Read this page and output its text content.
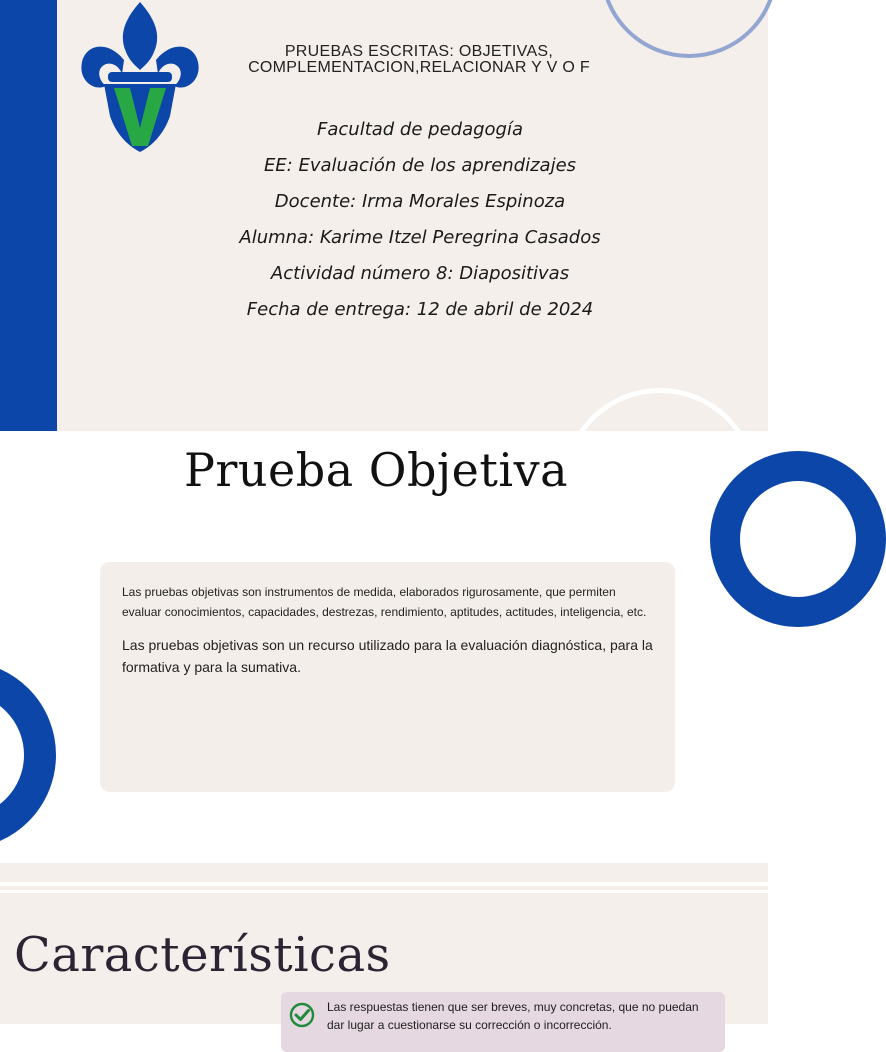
PRUEBAS ESCRITAS: OBJETIVAS,
COMPLEMENTACION,RELACIONAR Y V O F
Facultad de pedagogía
EE: Evaluación de los aprendizajes
Docente: Irma Morales Espinoza
Alumna: Karime Itzel Peregrina Casados
Actividad número 8: Diapositivas
Fecha de entrega: 12 de abril de 2024
Prueba Objetiva

Las pruebas objetivas son instrumentos de medida, elaborados rigurosamente, que permiten evaluar conocimientos, capacidades, destrezas, rendimiento, aptitudes, actitudes, inteligencia, etc.

Las pruebas objetivas son un recurso utilizado para la evaluación diagnóstica, para la formativa y para la sumativa.

Características
Las respuestas tienen que ser breves, muy concretas, que no puedan dar lugar a cuestionarse su corrección o incorrección.
